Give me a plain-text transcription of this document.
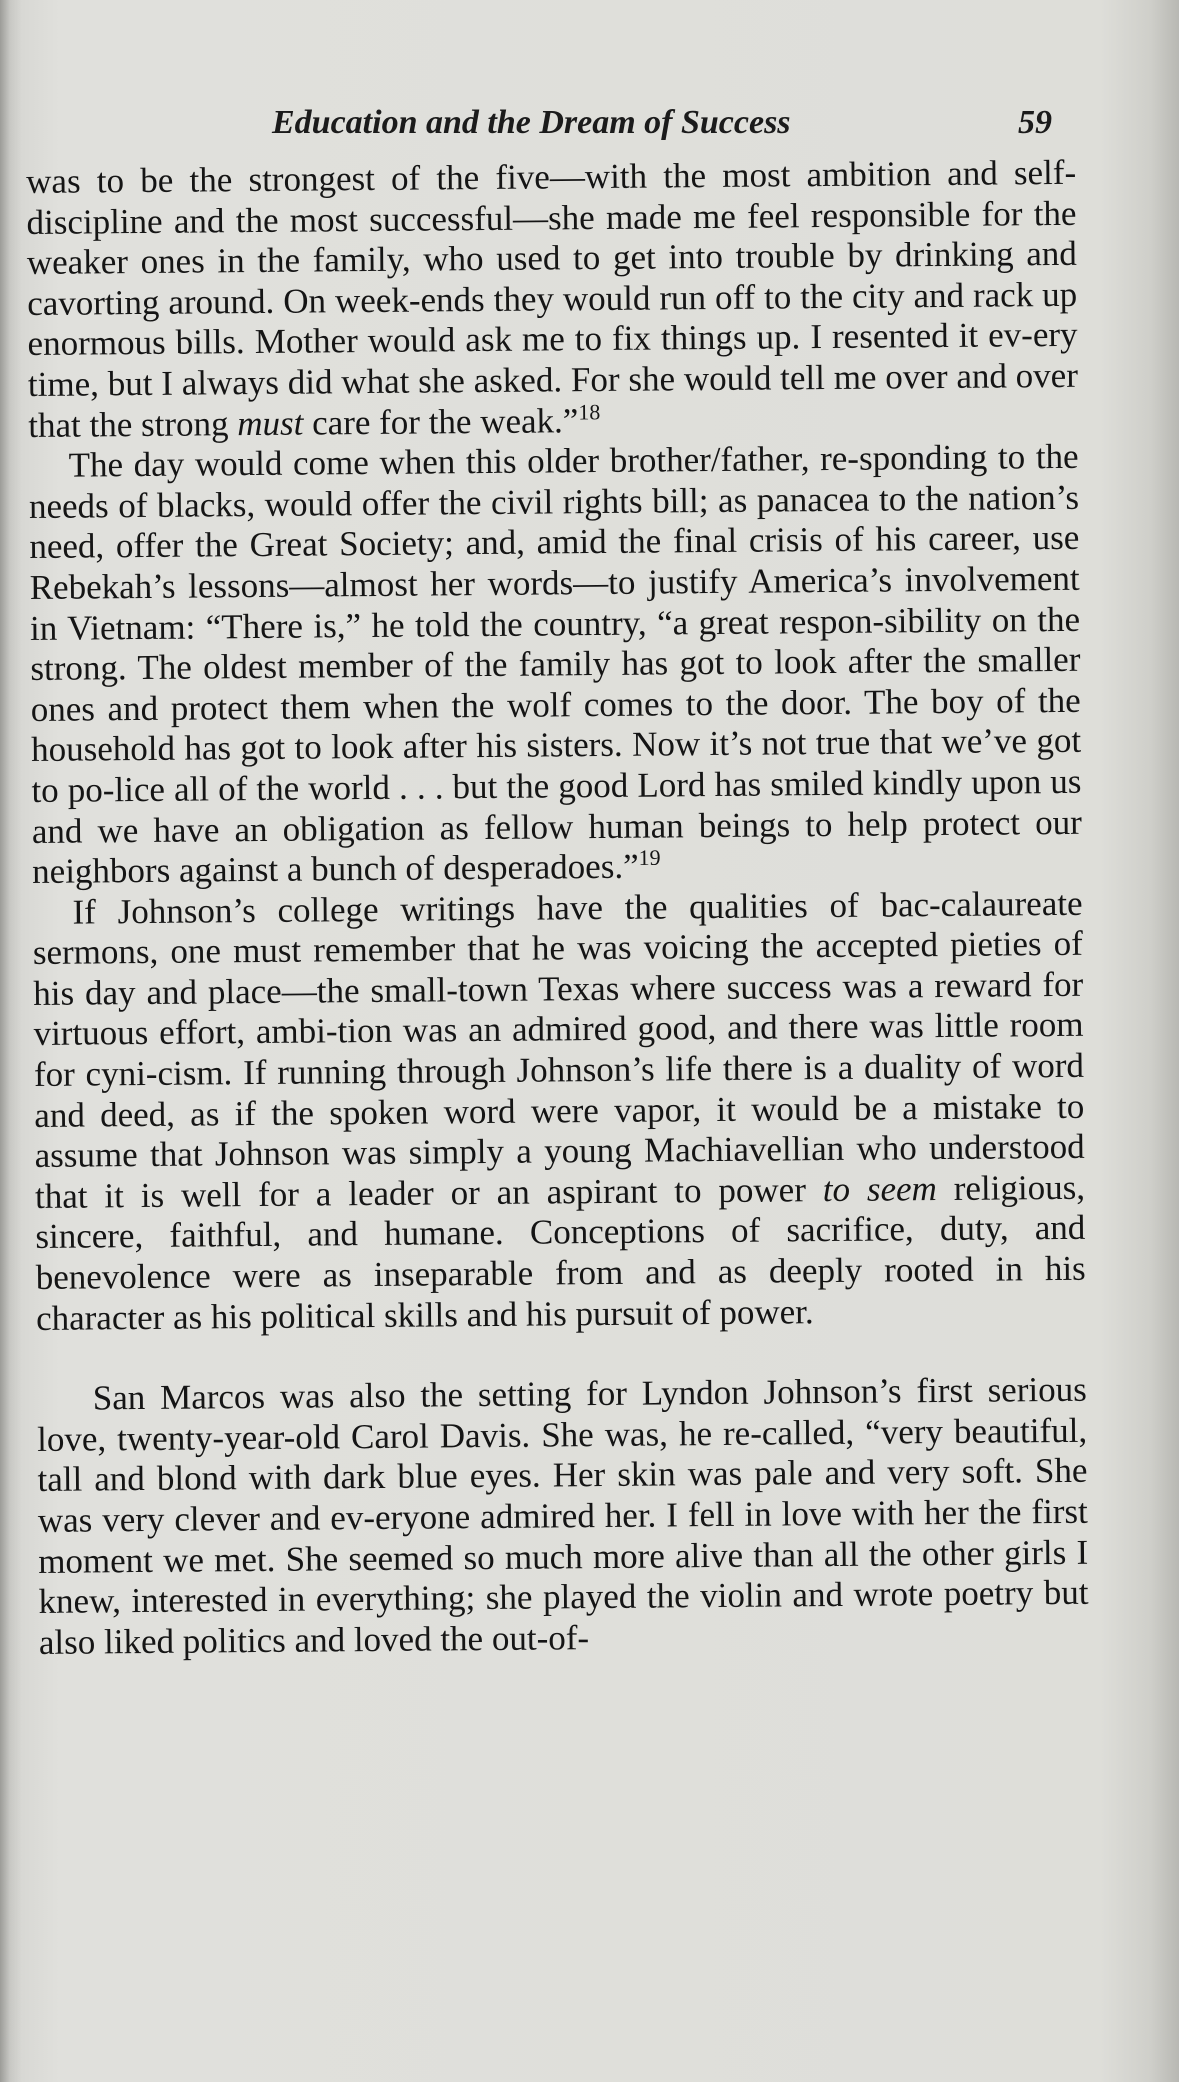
Education and the Dream of Success	59

was to be the strongest of the five—with the most ambition and self-discipline and the most successful—she made me feel responsible for the weaker ones in the family, who used to get into trouble by drinking and cavorting around. On week-ends they would run off to the city and rack up enormous bills. Mother would ask me to fix things up. I resented it ev-ery time, but I always did what she asked. For she would tell me over and over that the strong must care for the weak.”$^{18}$

The day would come when this older brother/father, re-sponding to the needs of blacks, would offer the civil rights bill; as panacea to the nation’s need, offer the Great Society; and, amid the final crisis of his career, use Rebekah’s lessons—almost her words—to justify America’s involvement in Vietnam: “There is,” he told the country, “a great respon-sibility on the strong. The oldest member of the family has got to look after the smaller ones and protect them when the wolf comes to the door. The boy of the household has got to look after his sisters. Now it’s not true that we’ve got to po-lice all of the world . . . but the good Lord has smiled kindly upon us and we have an obligation as fellow human beings to help protect our neighbors against a bunch of desperadoes.”$^{19}$

If Johnson’s college writings have the qualities of bac-calaureate sermons, one must remember that he was voicing the accepted pieties of his day and place—the small-town Texas where success was a reward for virtuous effort, ambi-tion was an admired good, and there was little room for cyni-cism. If running through Johnson’s life there is a duality of word and deed, as if the spoken word were vapor, it would be a mistake to assume that Johnson was simply a young Machiavellian who understood that it is well for a leader or an aspirant to power to seem religious, sincere, faithful, and humane. Conceptions of sacrifice, duty, and benevolence were as inseparable from and as deeply rooted in his character as his political skills and his pursuit of power.

San Marcos was also the setting for Lyndon Johnson’s first serious love, twenty-year-old Carol Davis. She was, he re-called, “very beautiful, tall and blond with dark blue eyes. Her skin was pale and very soft. She was very clever and ev-eryone admired her. I fell in love with her the first moment we met. She seemed so much more alive than all the other girls I knew, interested in everything; she played the violin and wrote poetry but also liked politics and loved the out-of-
